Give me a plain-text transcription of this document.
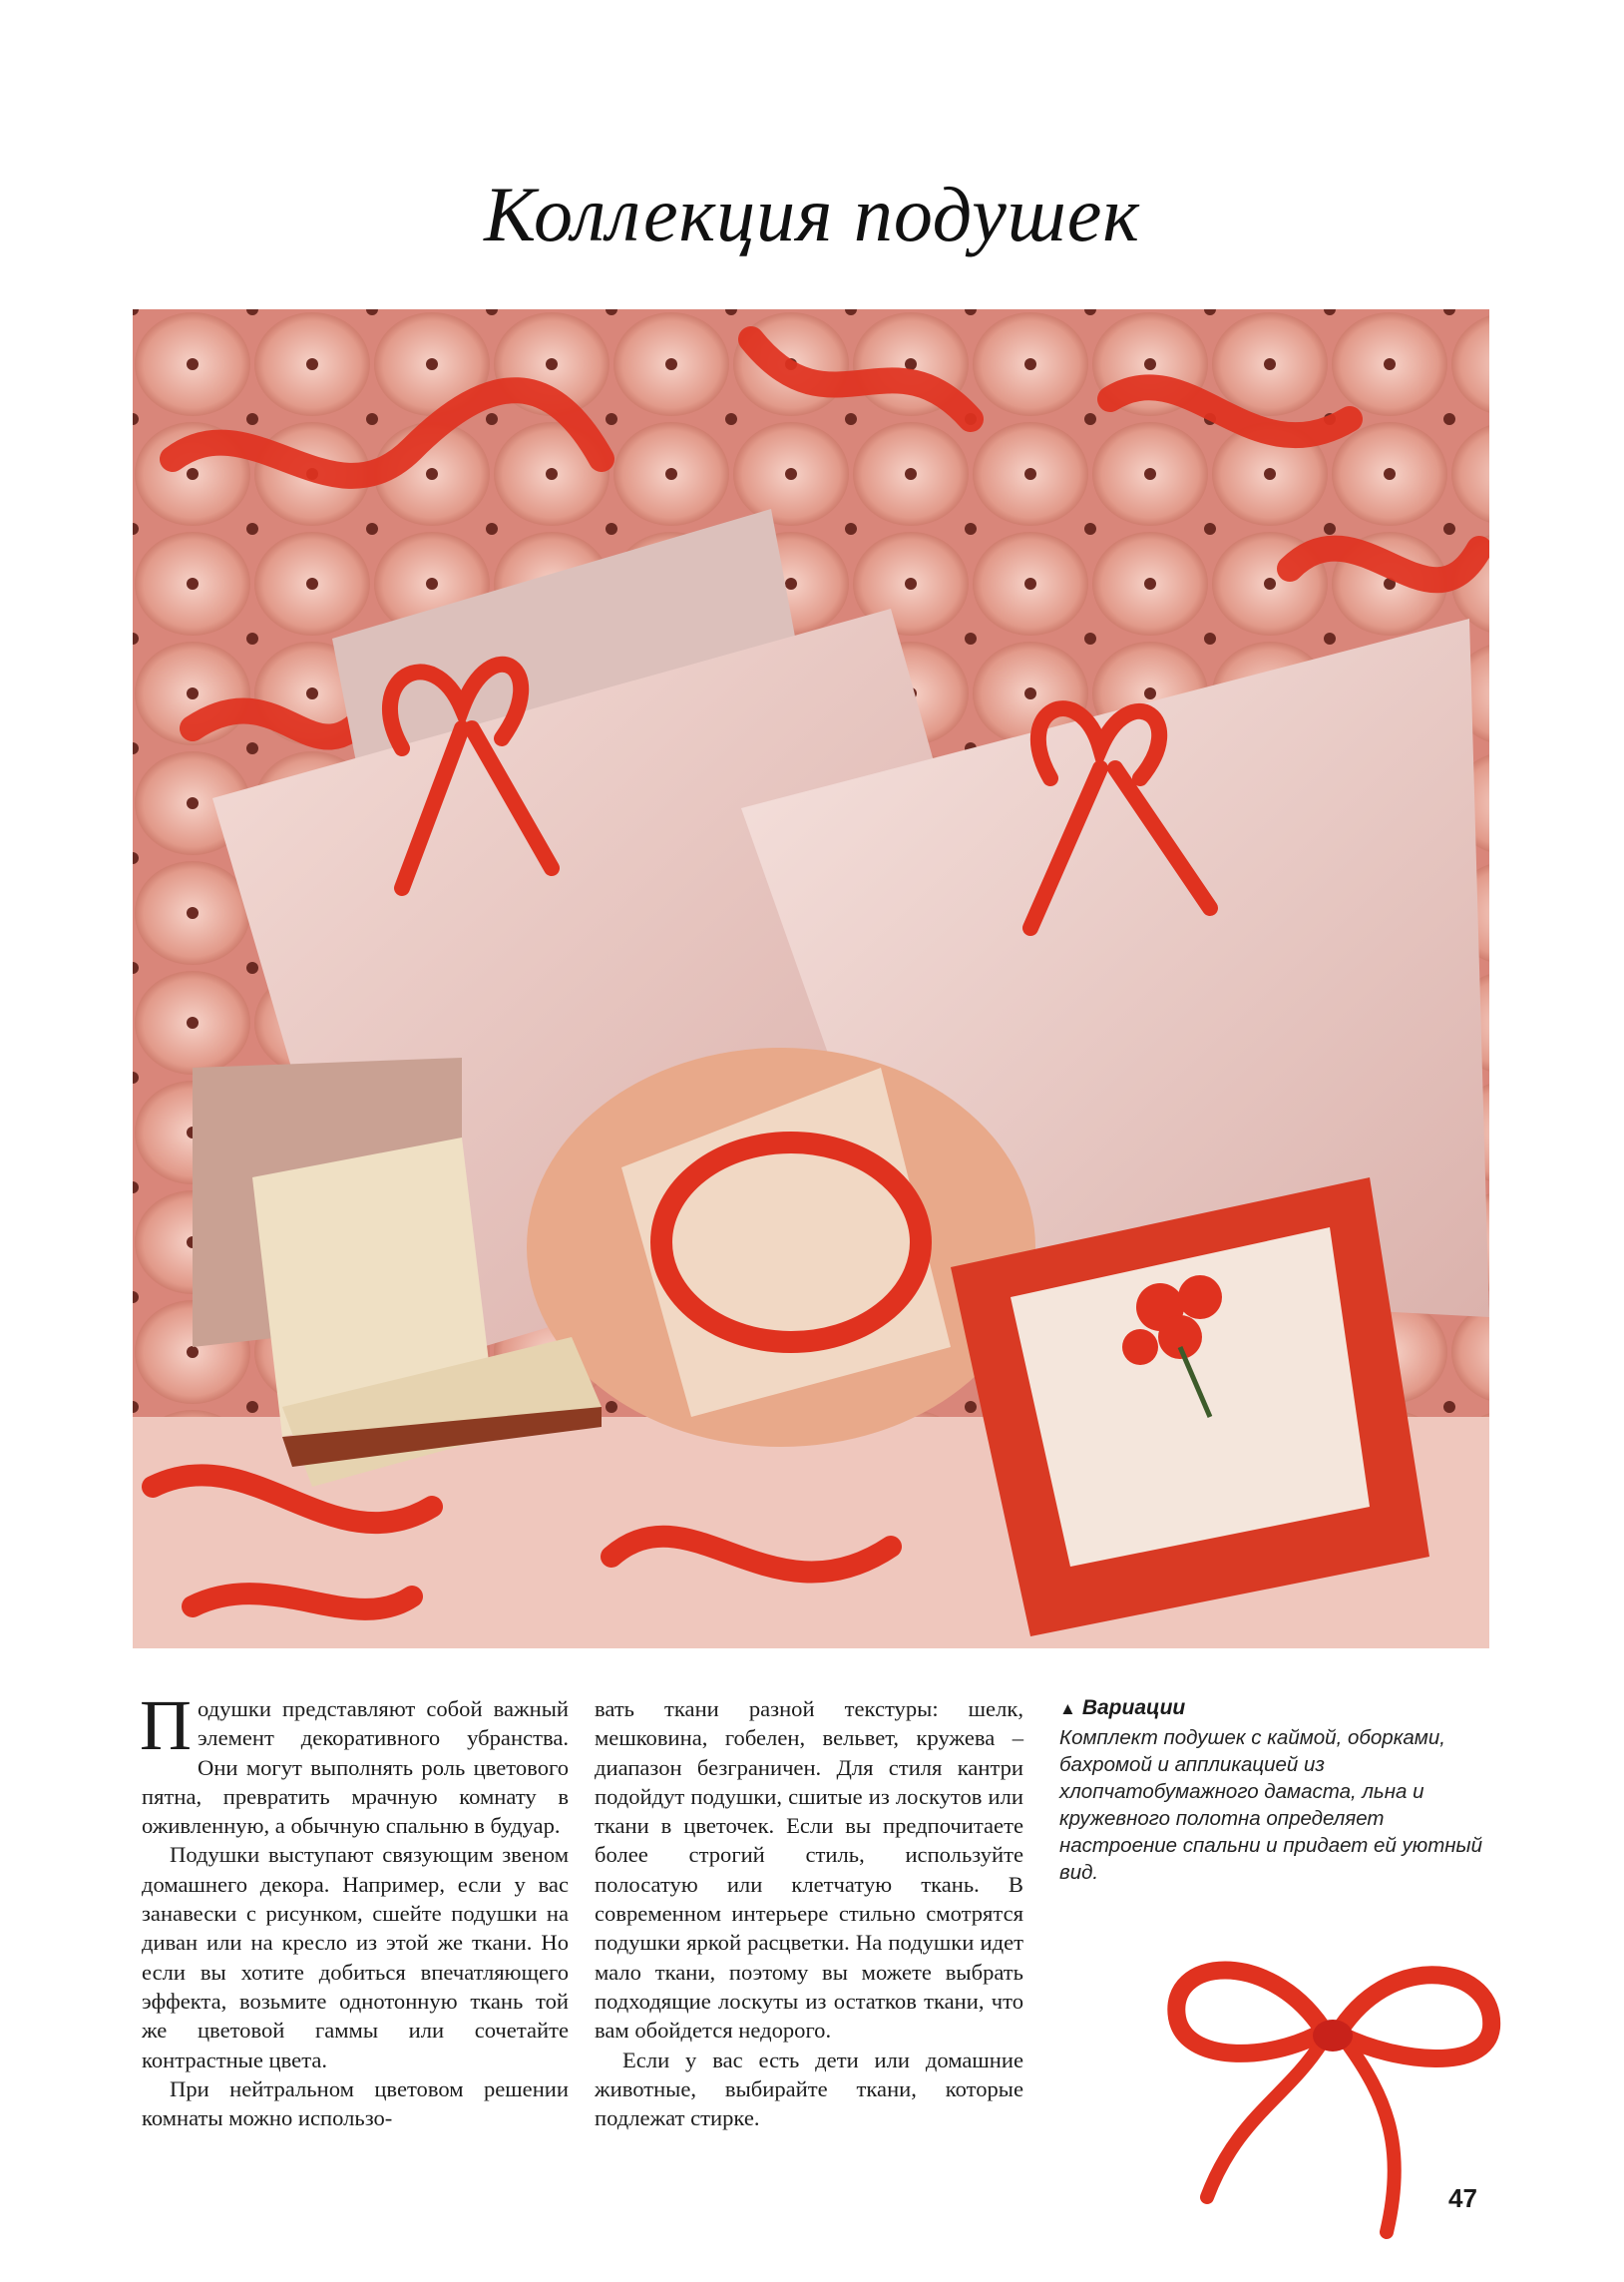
Коллекция подушек

Подушки представляют собой важный элемент декоративного убранства. Они могут выполнять роль цветового пятна, превратить мрачную комнату в оживленную, а обычную спальню в будуар.

Подушки выступают связующим звеном домашнего декора. Например, если у вас занавески с рисунком, сшейте подушки на диван или на кресло из этой же ткани. Но если вы хотите добиться впечатляющего эффекта, возьмите однотонную ткань той же цветовой гаммы или сочетайте контрастные цвета.

При нейтральном цветовом решении комнаты можно использо-

вать ткани разной текстуры: шелк, мешковина, гобелен, вельвет, кружева – диапазон безграничен. Для стиля кантри подойдут подушки, сшитые из лоскутов или ткани в цветочек. Если вы предпочитаете более строгий стиль, используйте полосатую или клетчатую ткань. В современном интерьере стильно смотрятся подушки яркой расцветки. На подушки идет мало ткани, поэтому вы можете выбрать подходящие лоскуты из остатков ткани, что вам обойдется недорого.

Если у вас есть дети или домашние животные, выбирайте ткани, которые подлежат стирке.

▲ Вариации
Комплект подушек с каймой, оборками, бахромой и аппликацией из хлопчатобумажного дамаста, льна и кружевного полотна определяет настроение спальни и придает ей уютный вид.
47
